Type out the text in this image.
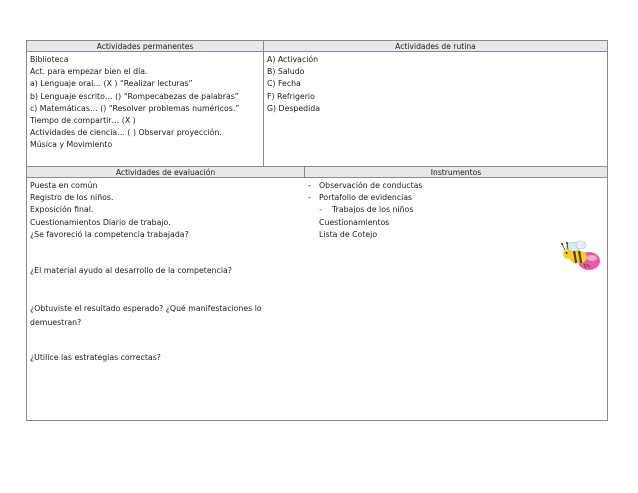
Actividades permanentes	Actividades de rutina
Biblioteca
Act. para empezar bien el día.
a) Lenguaje oral… (X ) “Realizar lecturas”
b) Lenguaje escrito… () “Rompecabezas de palabras”
c) Matemáticas… () “Resolver problemas numéricos.”
Tiempo de compartir… (X )
Actividades de ciencia… ( ) Observar proyección.
Música y Movimiento
A) Activación
B) Saludo
C) Fecha
F) Refrigerio
G) Despedida
Actividades de evaluación	Instrumentos
Puesta en común
Registro de los niños.
Exposición final.
Cuestionamientos Diario de trabajo.
¿Se favoreció la competencia trabajada?
¿El material ayudo al desarrollo de la competencia?
¿Obtuviste el resultado esperado? ¿Qué manifestaciones lo
demuestran?
¿Utilice las estrategias correctas?
- Observación de conductas
- Portafolio de evidencias
- Trabajos de los niños
Cuestionamientos
Lista de Cotejo
